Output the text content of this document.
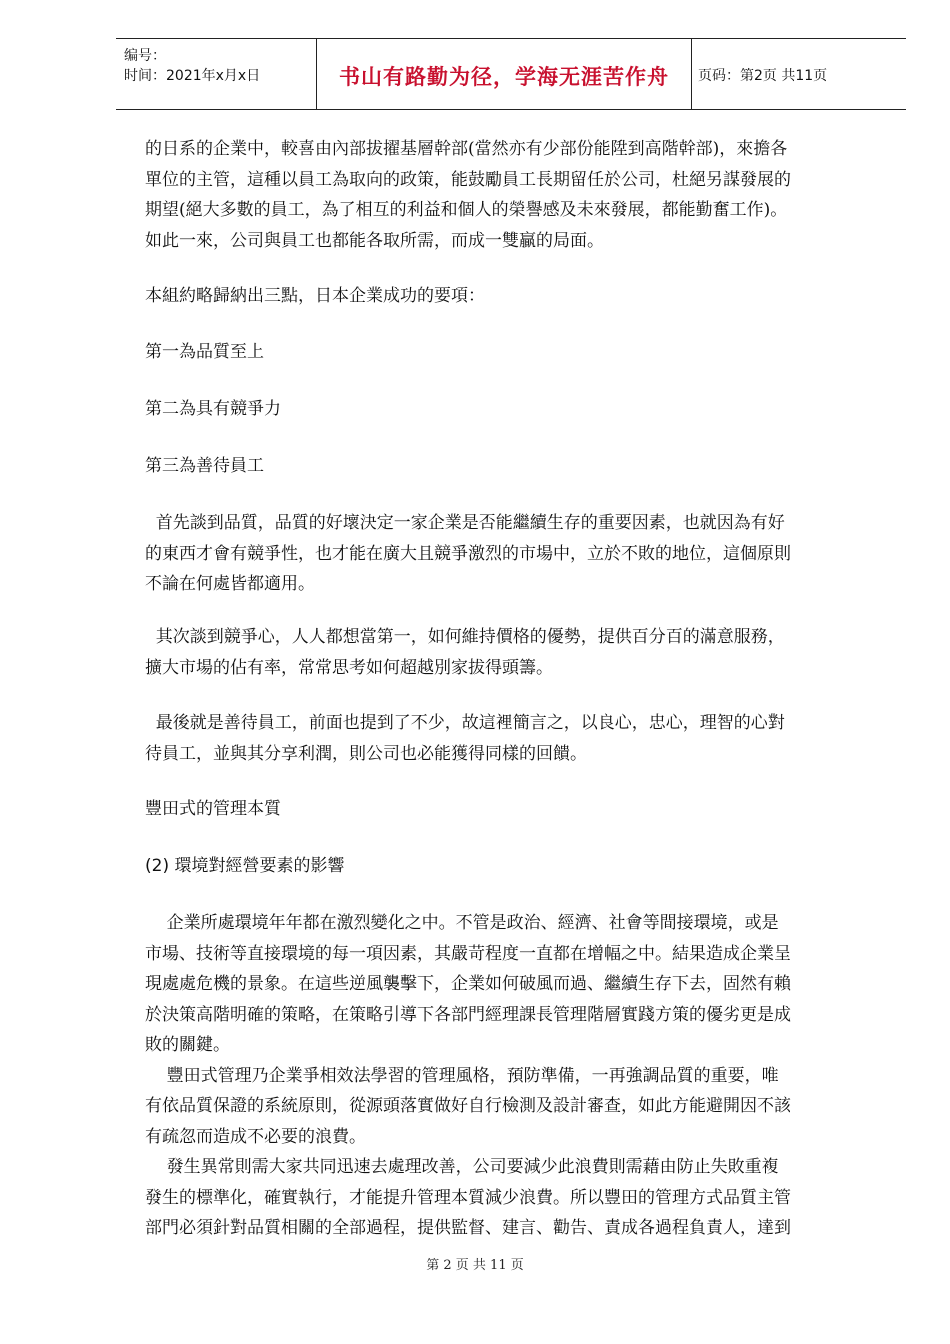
编号：
时间：2021年x月x日	书山有路勤为径，学海无涯苦作舟	页码：第2页 共11页
的日系的企業中，較喜由內部拔擢基層幹部(當然亦有少部份能陞到高階幹部)，來擔各
單位的主管，這種以員工為取向的政策，能鼓勵員工長期留任於公司，杜絕另謀發展的
期望(絕大多數的員工，為了相互的利益和個人的榮譽感及未來發展，都能勤奮工作)。
如此一來，公司與員工也都能各取所需，而成一雙贏的局面。
本組約略歸納出三點，日本企業成功的要項：
第一為品質至上
第二為具有競爭力
第三為善待員工
首先談到品質，品質的好壞決定一家企業是否能繼續生存的重要因素，也就因為有好
的東西才會有競爭性，也才能在廣大且競爭激烈的市場中，立於不敗的地位，這個原則
不論在何處皆都適用。
其次談到競爭心，人人都想當第一，如何維持價格的優勢，提供百分百的滿意服務，
擴大市場的佔有率，常常思考如何超越別家拔得頭籌。
最後就是善待員工，前面也提到了不少，故這裡簡言之，以良心，忠心，理智的心對
待員工，並與其分享利潤，則公司也必能獲得同樣的回饋。
豐田式的管理本質
(2) 環境對經營要素的影響
企業所處環境年年都在激烈變化之中。不管是政治、經濟、社會等間接環境，或是
市場、技術等直接環境的每一項因素，其嚴苛程度一直都在增幅之中。結果造成企業呈
現處處危機的景象。在這些逆風襲擊下，企業如何破風而過、繼續生存下去，固然有賴
於決策高階明確的策略，在策略引導下各部門經理課長管理階層實踐方策的優劣更是成
敗的關鍵。
豐田式管理乃企業爭相效法學習的管理風格，預防準備，一再強調品質的重要，唯
有依品質保證的系統原則，從源頭落實做好自行檢測及設計審查，如此方能避開因不該
有疏忽而造成不必要的浪費。
發生異常則需大家共同迅速去處理改善，公司要減少此浪費則需藉由防止失敗重複
發生的標準化，確實執行，才能提升管理本質減少浪費。所以豐田的管理方式品質主管
部門必須針對品質相關的全部過程，提供監督、建言、勸告、責成各過程負責人，達到
第 2 页 共 11 页
